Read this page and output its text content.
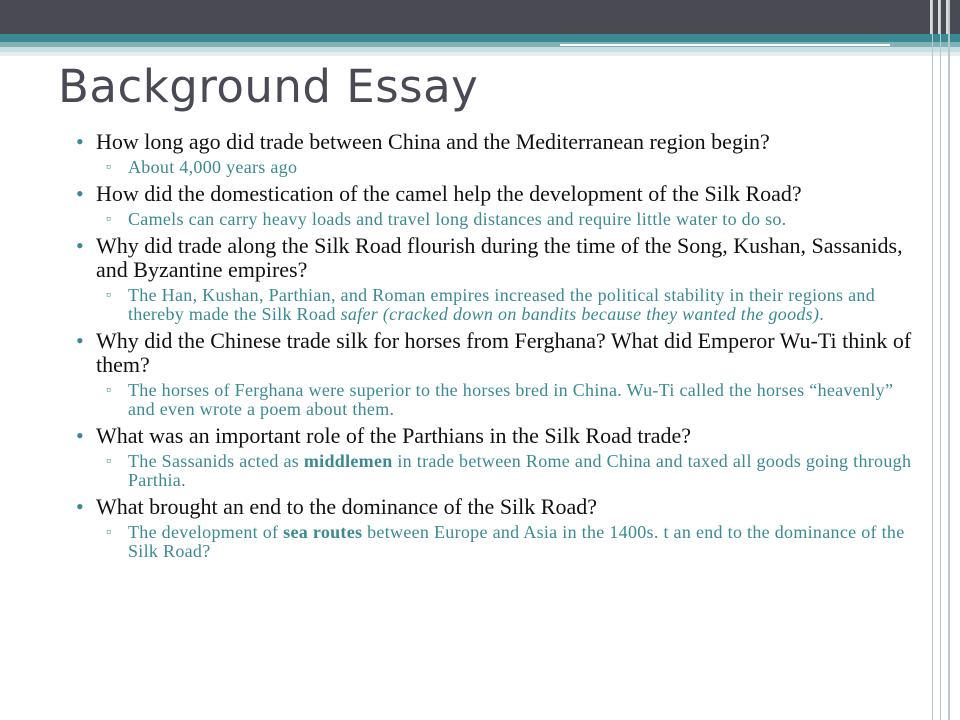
Background Essay
• How long ago did trade between China and the Mediterranean region begin?
▫ About 4,000 years ago
• How did the domestication of the camel help the development of the Silk Road?
▫ Camels can carry heavy loads and travel long distances and require little water to do so.
• Why did trade along the Silk Road flourish during the time of the Song, Kushan, Sassanids, and Byzantine empires?
▫ The Han, Kushan, Parthian, and Roman empires increased the political stability in their regions and thereby made the Silk Road safer (cracked down on bandits because they wanted the goods).
• Why did the Chinese trade silk for horses from Ferghana? What did Emperor Wu-Ti think of them?
▫ The horses of Ferghana were superior to the horses bred in China. Wu-Ti called the horses “heavenly” and even wrote a poem about them.
• What was an important role of the Parthians in the Silk Road trade?
▫ The Sassanids acted as middlemen in trade between Rome and China and taxed all goods going through Parthia.
• What brought an end to the dominance of the Silk Road?
▫ The development of sea routes between Europe and Asia in the 1400s. t an end to the dominance of the Silk Road?
